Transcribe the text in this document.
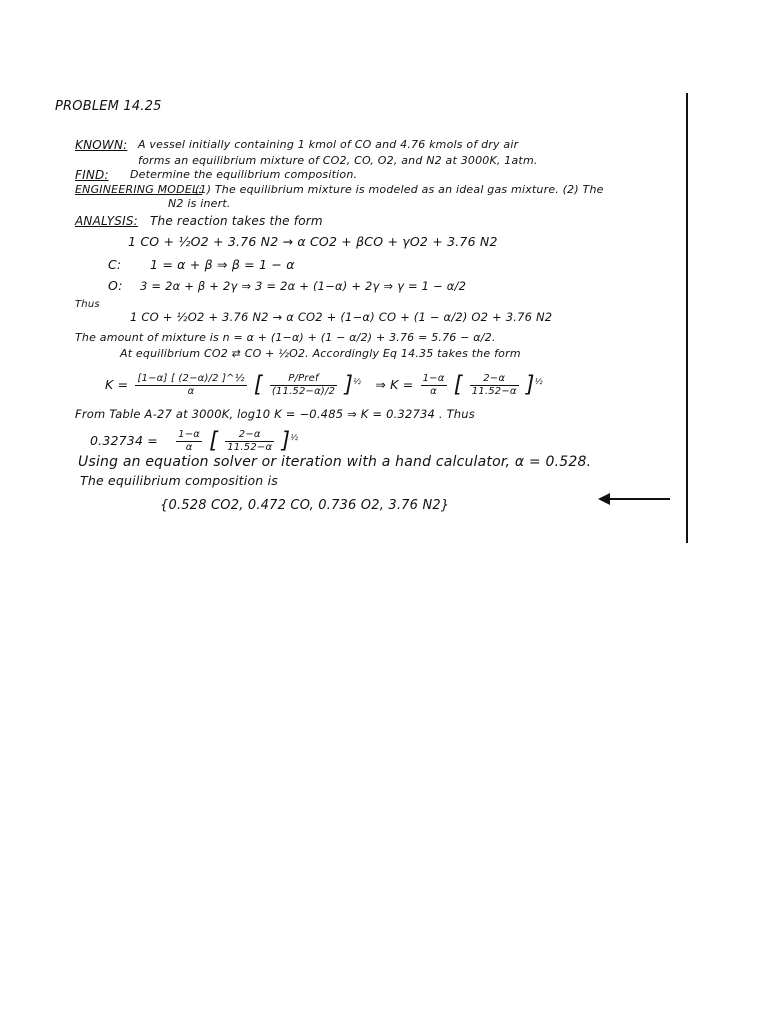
PROBLEM 14.25
KNOWN: A vessel initially containing 1 kmol of CO and 4.76 kmols of dry air
forms an equilibrium mixture of CO2, CO, O2, and N2 at 3000K, 1atm.
FIND: Determine the equilibrium composition.
ENGINEERING MODEL:
(1) The equilibrium mixture is modeled as an ideal gas mixture. (2) The
N2 is inert.
ANALYSIS: The reaction takes the form
1 CO + ½O2 + 3.76 N2 → α CO2 + βCO + γO2 + 3.76 N2
C: 1 = α + β ⇒ β = 1 − α
O: 3 = 2α + β + 2γ ⇒ 3 = 2α + (1−α) + 2γ ⇒ γ = 1 − α/2
Thus
1 CO + ½O2 + 3.76 N2 → α CO2 + (1−α) CO + (1 − α/2) O2 + 3.76 N2
The amount of mixture is n = α + (1−α) + (1 − α/2) + 3.76 = 5.76 − α/2.
At equilibrium CO2 ⇄ CO + ½O2. Accordingly Eq 14.35 takes the form
$K = \frac{\text{[1−α] [ (2−α)/2 ]\textasciicircum{}½}}{\alpha}$ [ $\frac{\text{P/Pref}}{(11.52-\alpha)/2} ]^{\frac{1}{2}}$ ⇒ $K = \frac{1-\alpha}{\alpha}$ [ $\frac{2-\alpha}{11.52-\alpha} ]^{\frac{1}{2}}$
From Table A-27 at 3000K, log10 K = −0.485 ⇒ K = 0.32734 . Thus
$0.32734 = \frac{1-\alpha}{\alpha}$ [ $\frac{2-\alpha}{11.52-\alpha} ]^{\frac{1}{2}}$
Using an equation solver or iteration with a hand calculator, α = 0.528.
The equilibrium composition is
{0.528 CO2, 0.472 CO, 0.736 O2, 3.76 N2}
